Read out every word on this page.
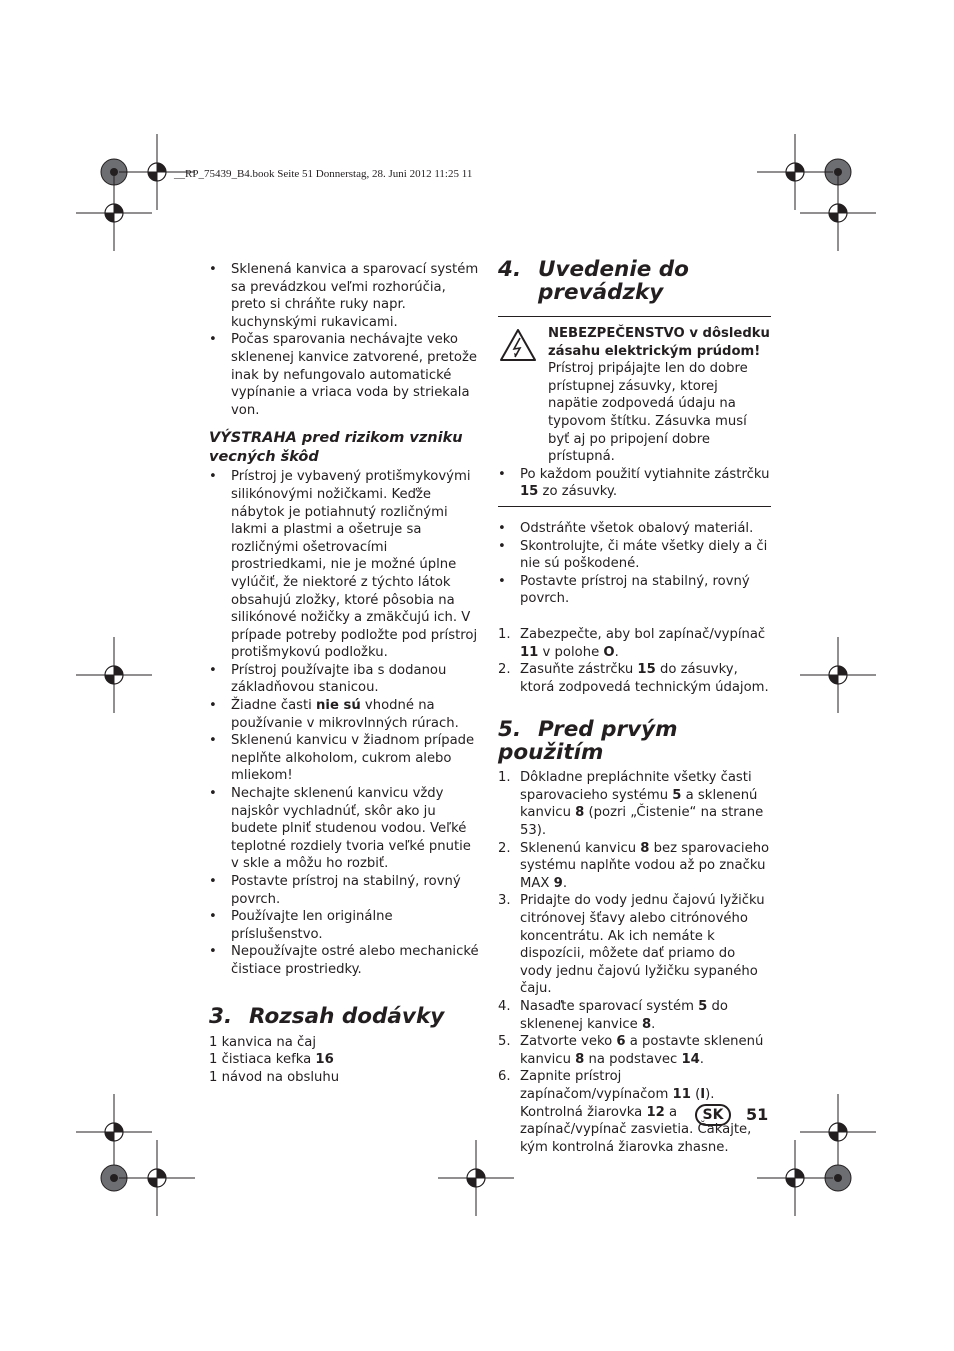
__RP_75439_B4.book Seite 51 Donnerstag, 28. Juni 2012 11:25 11
• Sklenená kanvica a sparovací systém sa prevádzkou veľmi rozhorúčia, preto si chráňte ruky napr. kuchynskými rukavicami.
• Počas sparovania nechávajte veko sklenenej kanvice zatvorené, pretože inak by nefungovalo automatické vypínanie a vriaca voda by striekala von.
VÝSTRAHA pred rizikom vzniku vecných škôd
• Prístroj je vybavený protišmykovými silikónovými nožičkami. Keďže nábytok je potiahnutý rozličnými lakmi a plastmi a ošetruje sa rozličnými ošetrovacími prostriedkami, nie je možné úplne vylúčiť, že niektoré z týchto látok obsahujú zložky, ktoré pôsobia na silikónové nožičky a zmäkčujú ich. V prípade potreby podložte pod prístroj protišmykovú podložku.
• Prístroj používajte iba s dodanou základňovou stanicou.
• Žiadne časti nie sú vhodné na používanie v mikrovlnných rúrach.
• Sklenenú kanvicu v žiadnom prípade neplňte alkoholom, cukrom alebo mliekom!
• Nechajte sklenenú kanvicu vždy najskôr vychladnúť, skôr ako ju budete plniť studenou vodou. Veľké teplotné rozdiely tvoria veľké pnutie v skle a môžu ho rozbiť.
• Postavte prístroj na stabilný, rovný povrch.
• Používajte len originálne príslušenstvo.
• Nepoužívajte ostré alebo mechanické čistiace prostriedky.
3. Rozsah dodávky
1 kanvica na čaj
1 čistiaca kefka 16
1 návod na obsluhu
4. Uvedenie do
prevádzky
NEBEZPEČENSTVO v dôsledku zásahu elektrickým prúdom!
Prístroj pripájajte len do dobre prístupnej zásuvky, ktorej napätie zodpovedá údaju na typovom štítku. Zásuvka musí byť aj po pripojení dobre prístupná.
• Po každom použití vytiahnite zástrčku 15 zo zásuvky.
• Odstráňte všetok obalový materiál.
• Skontrolujte, či máte všetky diely a či nie sú poškodené.
• Postavte prístroj na stabilný, rovný povrch.
1. Zabezpečte, aby bol zapínač/vypínač 11 v polohe O.
2. Zasuňte zástrčku 15 do zásuvky, ktorá zodpovedá technickým údajom.
5. Pred prvým použitím
1. Dôkladne prepláchnite všetky časti sparovacieho systému 5 a sklenenú kanvicu 8 (pozri „Čistenie“ na strane 53).
2. Sklenenú kanvicu 8 bez sparovacieho systému naplňte vodou až po značku MAX 9.
3. Pridajte do vody jednu čajovú lyžičku citrónovej šťavy alebo citrónového koncentrátu. Ak ich nemáte k dispozícii, môžete dať priamo do vody jednu čajovú lyžičku sypaného čaju.
4. Nasaďte sparovací systém 5 do sklenenej kanvice 8.
5. Zatvorte veko 6 a postavte sklenenú kanvicu 8 na podstavec 14.
6. Zapnite prístroj zapínačom/vypínačom 11 (I). Kontrolná žiarovka 12 a zapínač/vypínač zasvietia. Čakajte, kým kontrolná žiarovka zhasne.
SK	51
